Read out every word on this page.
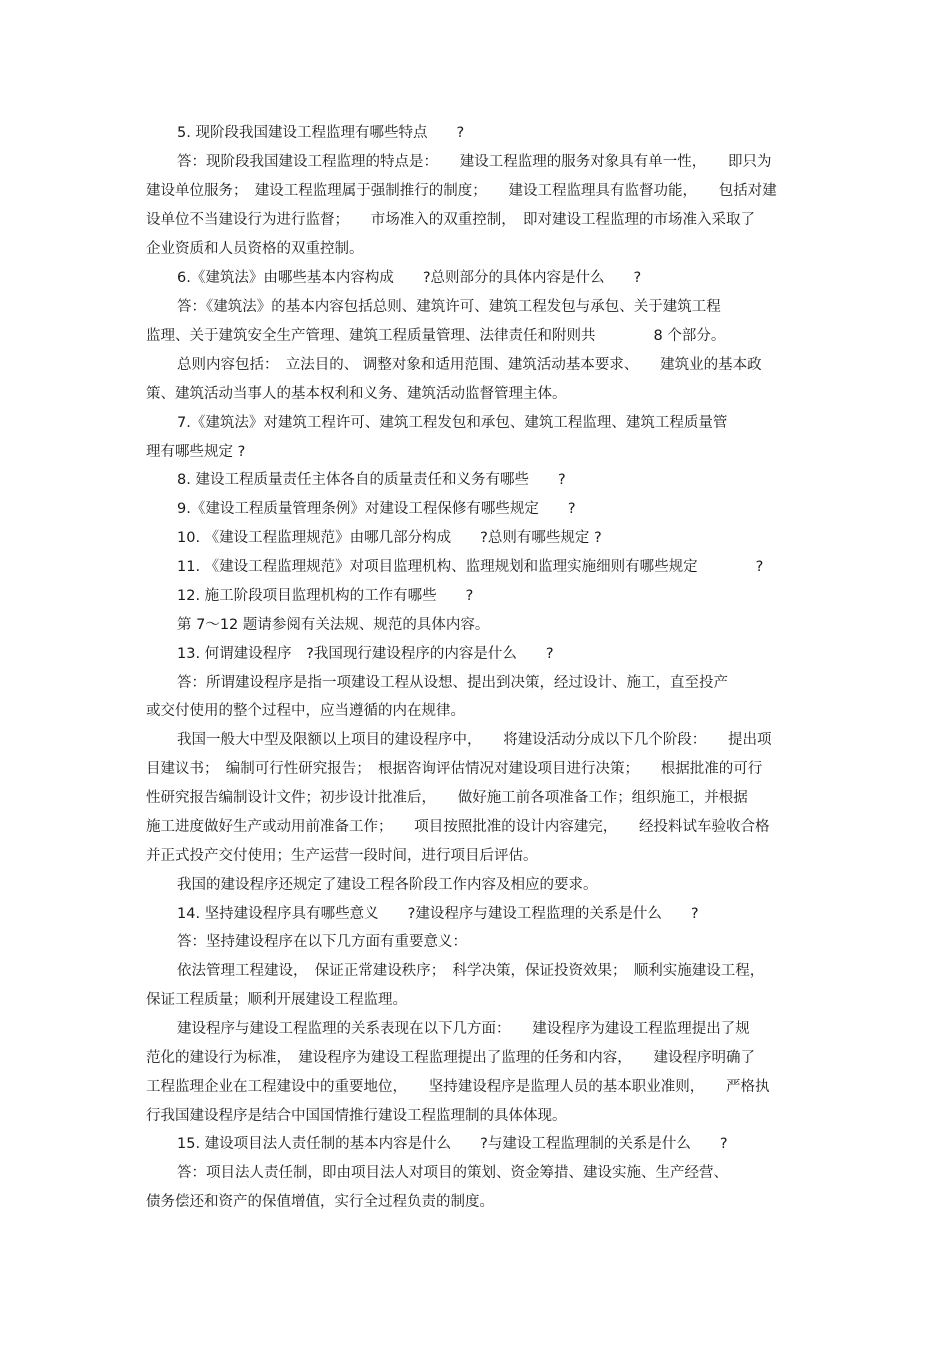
5. 现阶段我国建设工程监理有哪些特点　　?
答：现阶段我国建设工程监理的特点是：　　建设工程监理的服务对象具有单一性，　　即只为
建设单位服务；　建设工程监理属于强制推行的制度；　　建设工程监理具有监督功能，　　包括对建
设单位不当建设行为进行监督；　　市场准入的双重控制，　即对建设工程监理的市场准入采取了
企业资质和人员资格的双重控制。
6.《建筑法》由哪些基本内容构成　　?总则部分的具体内容是什么　　?
答：《建筑法》的基本内容包括总则、建筑许可、建筑工程发包与承包、关于建筑工程
监理、关于建筑安全生产管理、建筑工程质量管理、法律责任和附则共　　　　8 个部分。
总则内容包括：　立法目的、 调整对象和适用范围、建筑活动基本要求、　　建筑业的基本政
策、建筑活动当事人的基本权利和义务、建筑活动监督管理主体。
7.《建筑法》对建筑工程许可、建筑工程发包和承包、建筑工程监理、建筑工程质量管
理有哪些规定 ?
8. 建设工程质量责任主体各自的质量责任和义务有哪些　　?
9.《建设工程质量管理条例》对建设工程保修有哪些规定　　?
10. 《建设工程监理规范》由哪几部分构成　　?总则有哪些规定 ?
11. 《建设工程监理规范》对项目监理机构、监理规划和监理实施细则有哪些规定　　　　?
12. 施工阶段项目监理机构的工作有哪些　　?
第 7～12 题请参阅有关法规、规范的具体内容。
13. 何谓建设程序　?我国现行建设程序的内容是什么　　?
答：所谓建设程序是指一项建设工程从设想、提出到决策，经过设计、施工，直至投产
或交付使用的整个过程中，应当遵循的内在规律。
我国一般大中型及限额以上项目的建设程序中，　　将建设活动分成以下几个阶段：　　提出项
目建议书；　编制可行性研究报告；　根据咨询评估情况对建设项目进行决策；　　根据批准的可行
性研究报告编制设计文件；初步设计批准后，　　做好施工前各项准备工作；组织施工，并根据
施工进度做好生产或动用前准备工作；　　项目按照批准的设计内容建完，　　经投料试车验收合格
并正式投产交付使用；生产运营一段时间，进行项目后评估。
我国的建设程序还规定了建设工程各阶段工作内容及相应的要求。
14. 坚持建设程序具有哪些意义　　?建设程序与建设工程监理的关系是什么　　?
答：坚持建设程序在以下几方面有重要意义：
依法管理工程建设，　保证正常建设秩序；　科学决策，保证投资效果；　顺利实施建设工程，
保证工程质量；顺利开展建设工程监理。
建设程序与建设工程监理的关系表现在以下几方面：　　建设程序为建设工程监理提出了规
范化的建设行为标准，　建设程序为建设工程监理提出了监理的任务和内容，　　建设程序明确了
工程监理企业在工程建设中的重要地位，　　坚持建设程序是监理人员的基本职业准则，　　严格执
行我国建设程序是结合中国国情推行建设工程监理制的具体体现。
15. 建设项目法人责任制的基本内容是什么　　?与建设工程监理制的关系是什么　　?
答：项目法人责任制，即由项目法人对项目的策划、资金筹措、建设实施、生产经营、
债务偿还和资产的保值增值，实行全过程负责的制度。
